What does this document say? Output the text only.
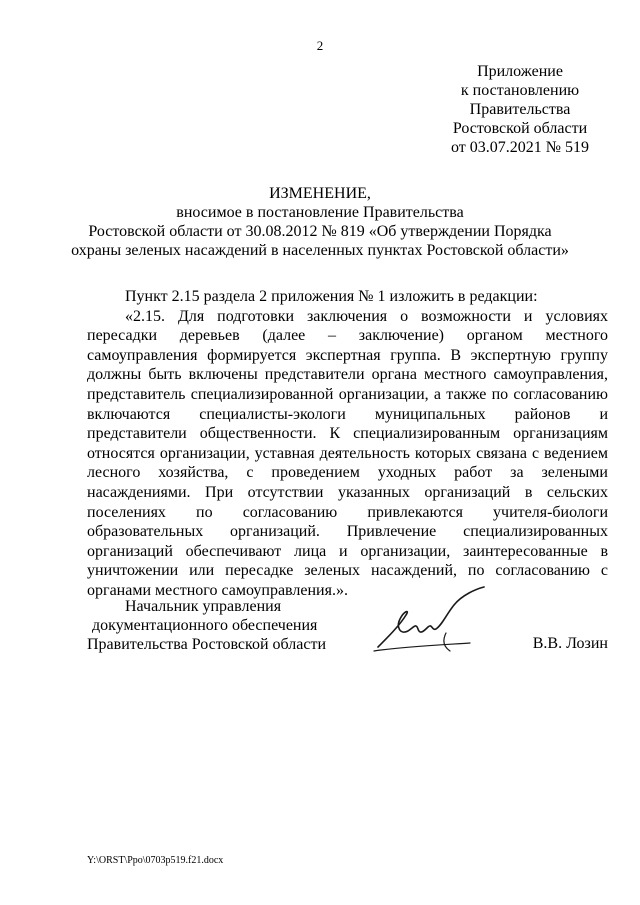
2
Приложение
к постановлению
Правительства
Ростовской области
от 03.07.2021 № 519
ИЗМЕНЕНИЕ,
вносимое в постановление Правительства
Ростовской области от 30.08.2012 № 819 «Об утверждении Порядка
охраны зеленых насаждений в населенных пунктах Ростовской области»

Пункт 2.15 раздела 2 приложения № 1 изложить в редакции:

«2.15. Для подготовки заключения о возможности и условиях пересадки деревьев (далее – заключение) органом местного самоуправления формируется экспертная группа. В экспертную группу должны быть включены представители органа местного самоуправления, представитель специализированной организации, а также по согласованию включаются специалисты-экологи муниципальных районов и представители общественности. К специализированным организациям относятся организации, уставная деятельность которых связана с ведением лесного хозяйства, с проведением уходных работ за зелеными насаждениями. При отсутствии указанных организаций в сельских поселениях по согласованию привлекаются учителя-биологи образовательных организаций. Привлечение специализированных организаций обеспечивают лица и организации, заинтересованные в уничтожении или пересадке зеленых насаждений, по согласованию с органами местного самоуправления.».

Начальник управления
документационного обеспечения
Правительства Ростовской области	В.В. Лозин
Y:\ORST\Ppo\0703p519.f21.docx
